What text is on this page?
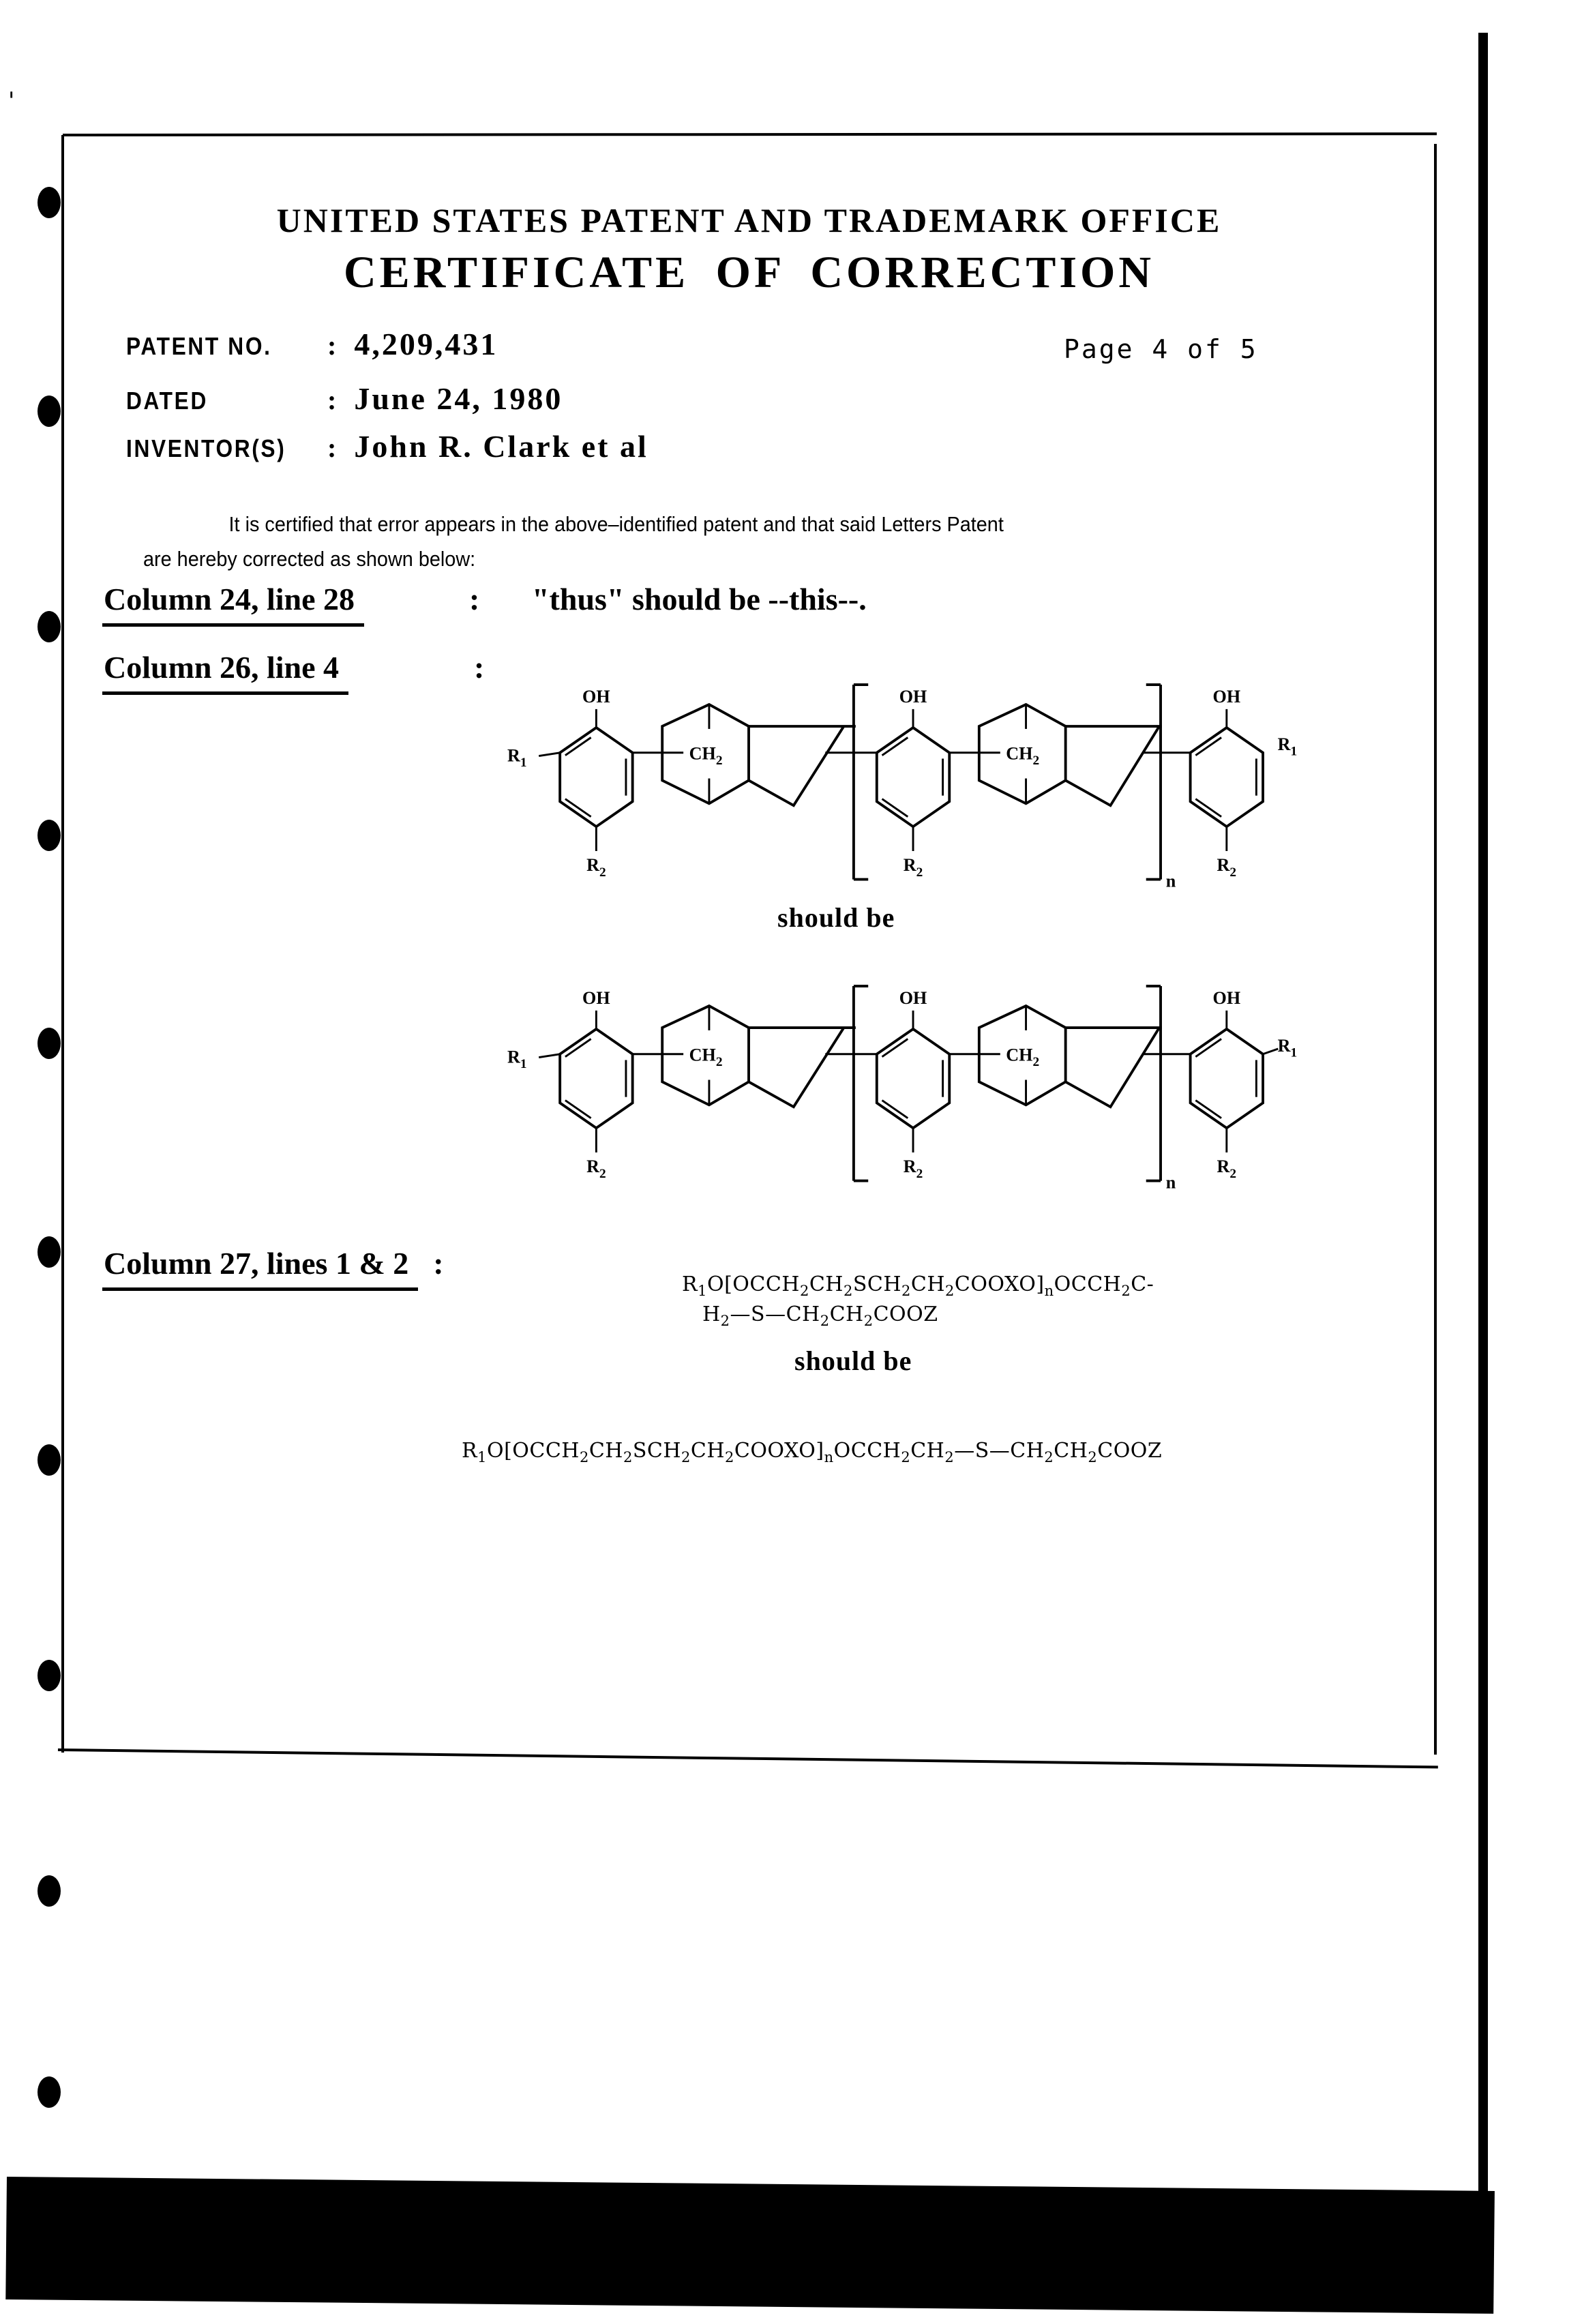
'
UNITED STATES PATENT AND TRADEMARK OFFICE
CERTIFICATE OF CORRECTION
PATENT NO. : 4,209,431	Page 4 of 5
DATED	: June 24, 1980
INVENTOR(S) : John R. Clark et al

It is certified that error appears in the above–identified patent and that said Letters Patent
are hereby corrected as shown below:

Column 24, line 28	: "thus" should be --this--.
Column 26, line 4	:
OH	OH	OH
$R_1$
$R_1$
$R_2$	$R_2$	$R_2$
$CH_2$	$CH_2$
n
should be
OH	OH	OH
$R_1$
$R_1$
$R_2$	$R_2$	$R_2$
$CH_2$	$CH_2$
n
Column 27, lines 1 & 2 :
$R_1O[OCCH_2CH_2SCH_2CH_2COOXO]_nOCCH_2C-$
$H_2—S—CH_2CH_2COOZ$
should be
$R_1O[OCCH_2CH_2SCH_2CH_2COOXO]_nOCCH_2CH_2—S—CH_2CH_2COOZ$
